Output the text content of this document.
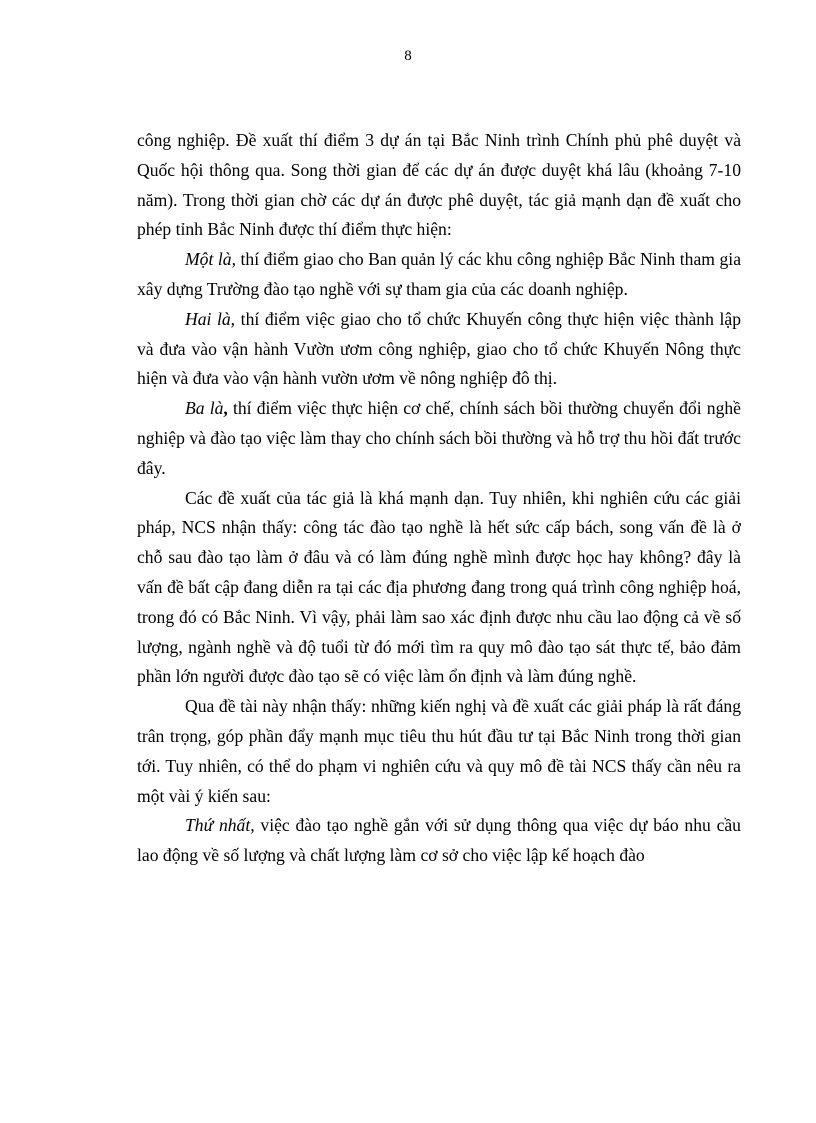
8

công nghiệp. Đề xuất thí điểm 3 dự án tại Bắc Ninh trình Chính phủ phê duyệt và Quốc hội thông qua. Song thời gian để các dự án được duyệt khá lâu (khoảng 7-10 năm). Trong thời gian chờ các dự án được phê duyệt, tác giả mạnh dạn đề xuất cho phép tỉnh Bắc Ninh được thí điểm thực hiện:

Một là, thí điểm giao cho Ban quản lý các khu công nghiệp Bắc Ninh tham gia xây dựng Trường đào tạo nghề với sự tham gia của các doanh nghiệp.

Hai là, thí điểm việc giao cho tổ chức Khuyến công thực hiện việc thành lập và đưa vào vận hành Vườn ươm công nghiệp, giao cho tổ chức Khuyến Nông thực hiện và đưa vào vận hành vườn ươm về nông nghiệp đô thị.

Ba là, thí điểm việc thực hiện cơ chế, chính sách bồi thường chuyển đổi nghề nghiệp và đào tạo việc làm thay cho chính sách bồi thường và hỗ trợ thu hồi đất trước đây.

Các đề xuất của tác giả là khá mạnh dạn. Tuy nhiên, khi nghiên cứu các giải pháp, NCS nhận thấy: công tác đào tạo nghề là hết sức cấp bách, song vấn đề là ở chỗ sau đào tạo làm ở đâu và có làm đúng nghề mình được học hay không? đây là vấn đề bất cập đang diễn ra tại các địa phương đang trong quá trình công nghiệp hoá, trong đó có Bắc Ninh. Vì vậy, phải làm sao xác định được nhu cầu lao động cả về số lượng, ngành nghề và độ tuổi từ đó mới tìm ra quy mô đào tạo sát thực tế, bảo đảm phần lớn người được đào tạo sẽ có việc làm ổn định và làm đúng nghề.

Qua đề tài này nhận thấy: những kiến nghị và đề xuất các giải pháp là rất đáng trân trọng, góp phần đẩy mạnh mục tiêu thu hút đầu tư tại Bắc Ninh trong thời gian tới. Tuy nhiên, có thể do phạm vi nghiên cứu và quy mô đề tài NCS thấy cần nêu ra một vài ý kiến sau:

Thứ nhất, việc đào tạo nghề gắn với sử dụng thông qua việc dự báo nhu cầu lao động về số lượng và chất lượng làm cơ sở cho việc lập kế hoạch đào
